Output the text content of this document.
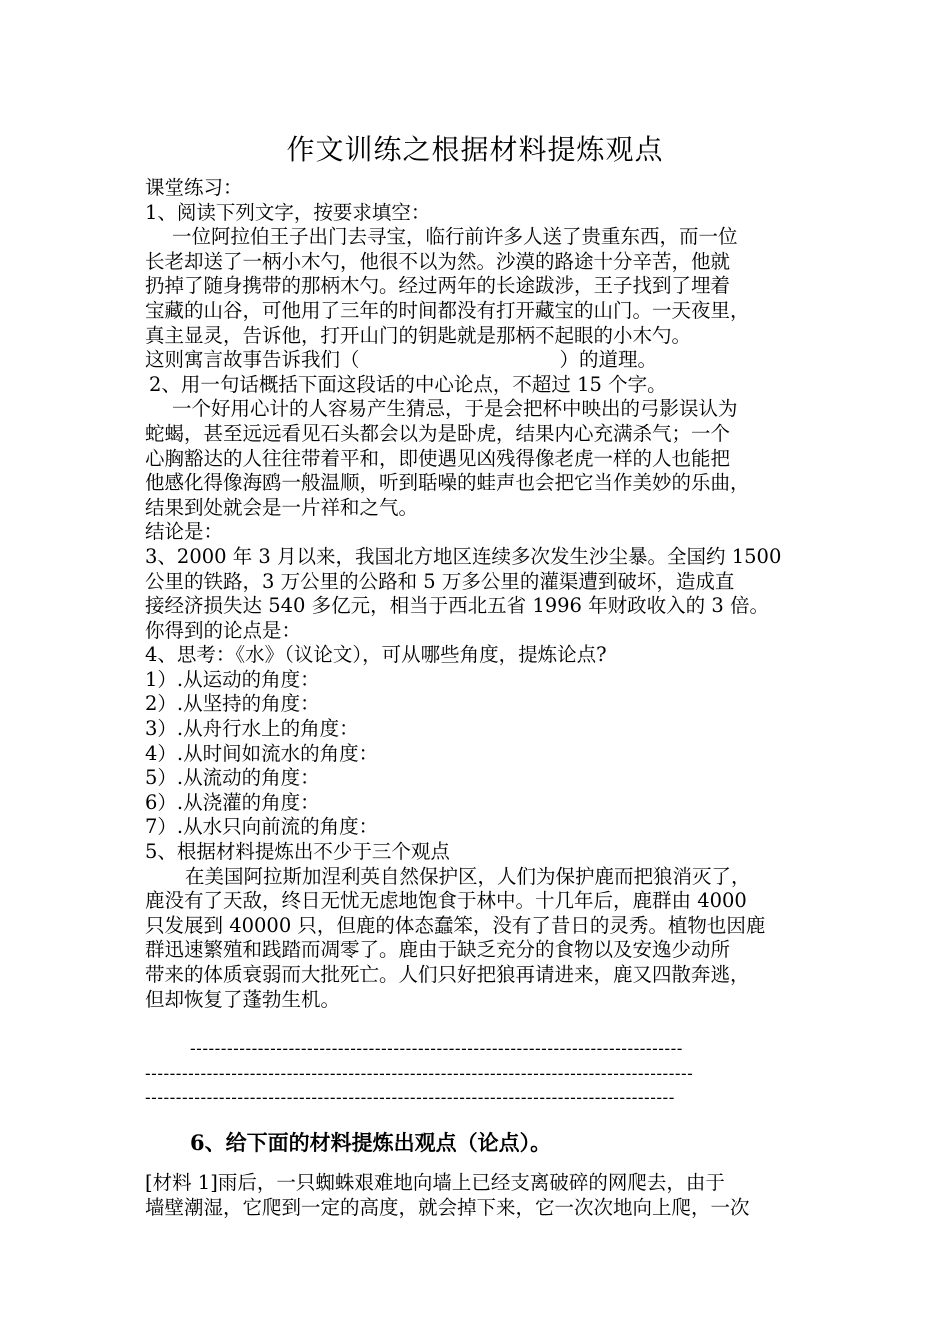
作文训练之根据材料提炼观点
课堂练习：
1、阅读下列文字，按要求填空：
一位阿拉伯王子出门去寻宝，临行前许多人送了贵重东西，而一位
长老却送了一柄小木勺，他很不以为然。沙漠的路途十分辛苦，他就
扔掉了随身携带的那柄木勺。经过两年的长途跋涉，王子找到了埋着
宝藏的山谷，可他用了三年的时间都没有打开藏宝的山门。一天夜里，
真主显灵，告诉他，打开山门的钥匙就是那柄不起眼的小木勺。
这则寓言故事告诉我们（	）的道理。
2、用一句话概括下面这段话的中心论点，不超过 15 个字。
一个好用心计的人容易产生猜忌，于是会把杯中映出的弓影误认为
蛇蝎，甚至远远看见石头都会以为是卧虎，结果内心充满杀气；一个
心胸豁达的人往往带着平和，即使遇见凶残得像老虎一样的人也能把
他感化得像海鸥一般温顺，听到聒噪的蛙声也会把它当作美妙的乐曲，
结果到处就会是一片祥和之气。
结论是：
3、2000 年 3 月以来，我国北方地区连续多次发生沙尘暴。全国约 1500
公里的铁路，3 万公里的公路和 5 万多公里的灌渠遭到破坏，造成直
接经济损失达 540 多亿元，相当于西北五省 1996 年财政收入的 3 倍。
你得到的论点是：
4、思考：《水》（议论文），可从哪些角度，提炼论点?
1）.从运动的角度：
2）.从坚持的角度：
3）.从舟行水上的角度：
4）.从时间如流水的角度：
5）.从流动的角度：
6）.从浇灌的角度：
7）.从水只向前流的角度：
5、根据材料提炼出不少于三个观点
在美国阿拉斯加涅利英自然保护区，人们为保护鹿而把狼消灭了，
鹿没有了天敌，终日无忧无虑地饱食于林中。十几年后，鹿群由 4000
只发展到 40000 只，但鹿的体态蠢笨，没有了昔日的灵秀。植物也因鹿
群迅速繁殖和践踏而凋零了。鹿由于缺乏充分的食物以及安逸少动所
带来的体质衰弱而大批死亡。人们只好把狼再请进来，鹿又四散奔逃，
但却恢复了蓬勃生机。
--------------------------------------------------------------------------------
-----------------------------------------------------------------------------------------
--------------------------------------------------------------------------------------
6、给下面的材料提炼出观点（论点）。
[材料 1]雨后，一只蜘蛛艰难地向墙上已经支离破碎的网爬去，由于
墙壁潮湿，它爬到一定的高度，就会掉下来，它一次次地向上爬，一次
